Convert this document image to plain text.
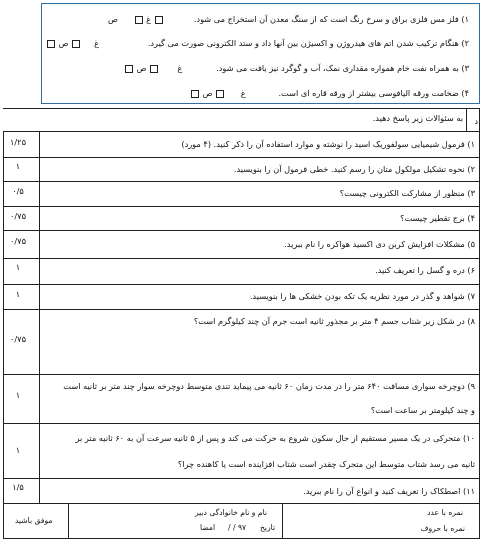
۱) فلز مس فلزی براق و سرخ رنگ است که از سنگ معدن آن استخراج می شود.
غ       ص
۲) هنگام ترکیب شدن اتم های هیدروژن و اکسیژن بین آنها داد و ستد الکترونی صورت می گیرد.
غ      ص
۳) به همراه نفت خام همواره مقداری نمک، آب و گوگرد نیز یافت می شود.
غ        ص
۴) ضخامت ورقه الیافوسی بیشتر از ورقه قاره ای است.
غ       ص
د
به سئوالات زیر پاسخ دهید.
۱) فرمول شیمیایی سولفوریک اسید را نوشته و موارد استفاده آن را ذکر کنید. (۴ مورد)
۱/۲۵
۲) نحوه تشکیل مولکول متان را رسم کنید. خطی فرمول آن را بنویسید.
۱
۳) منظور از مشارکت الکترونی چیست؟
۰/۵
۴) برج تقطیر چیست؟
۰/۷۵
۵) مشکلات افزایش کربن دی اکسید هواکره را نام ببرید.
۰/۷۵
۶) دره و گسل را تعریف کنید.
۱
۷) شواهد و گذر در مورد نظریه یک تکه بودن خشکی ها را بنویسید.
۱
۸) در شکل زیر شتاب جسم ۴ متر بر مجذور ثانیه است جرم آن چند کیلوگرم است؟
۰/۷۵
۹) دوچرخه سواری مسافت ۶۴۰ متر را در مدت زمان ۶۰ ثانیه می پیماید تندی متوسط دوچرخه سوار چند متر بر ثانیه است
و چند کیلومتر بر ساعت است؟
۱
۱۰) متحرکی در یک مسیر مستقیم از حال سکون شروع به حرکت می کند و پس از ۵ ثانیه سرعت آن به ۶۰ ثانیه متر بر
ثانیه می رسد شتاب متوسط این متحرک چقدر است شتاب افزاینده است یا کاهنده چرا؟
۱
۱۱) اصطکاک را تعریف کنید و انواع آن را نام ببرید.
۱/۵
نمره با عدد
نمره با حروف
نام و نام خانوادگی دبیر
تاریخ
/ / ۹۷
امضا
موفق باشید
